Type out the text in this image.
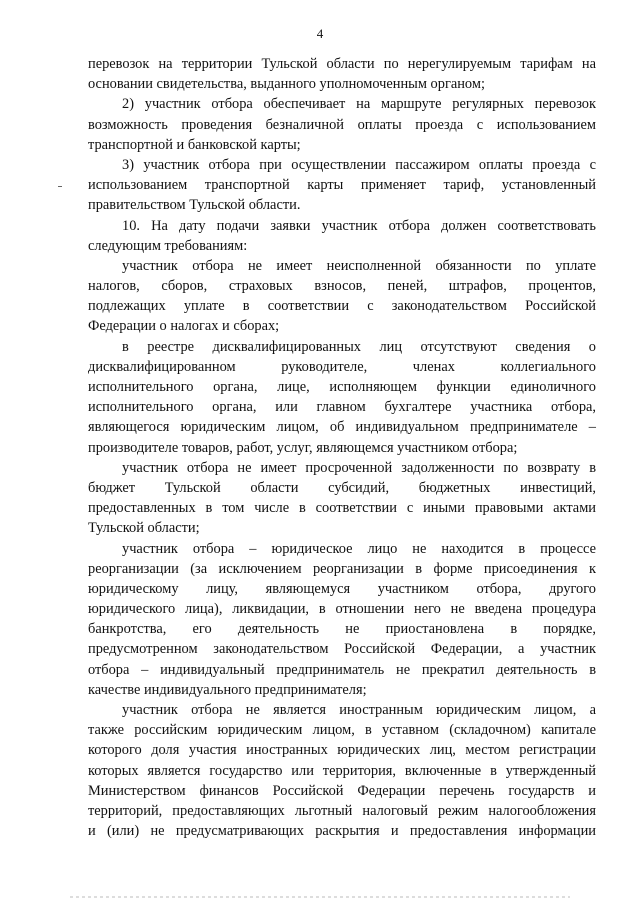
4
перевозок на территории Тульской области по нерегулируемым тарифам на
основании свидетельства, выданного уполномоченным органом;
2) участник отбора обеспечивает на маршруте регулярных перевозок
возможность проведения безналичной оплаты проезда с использованием
транспортной и банковской карты;
3) участник отбора при осуществлении пассажиром оплаты проезда с
использованием транспортной карты применяет тариф, установленный
правительством Тульской области.
10. На дату подачи заявки участник отбора должен соответствовать
следующим требованиям:
участник отбора не имеет неисполненной обязанности по уплате
налогов, сборов, страховых взносов, пеней, штрафов, процентов,
подлежащих уплате в соответствии с законодательством Российской
Федерации о налогах и сборах;
в реестре дисквалифицированных лиц отсутствуют сведения о
дисквалифицированном руководителе, членах коллегиального
исполнительного органа, лице, исполняющем функции единоличного
исполнительного органа, или главном бухгалтере участника отбора,
являющегося юридическим лицом, об индивидуальном предпринимателе –
производителе товаров, работ, услуг, являющемся участником отбора;
участник отбора не имеет просроченной задолженности по возврату в
бюджет Тульской области субсидий, бюджетных инвестиций,
предоставленных в том числе в соответствии с иными правовыми актами
Тульской области;
участник отбора – юридическое лицо не находится в процессе
реорганизации (за исключением реорганизации в форме присоединения к
юридическому лицу, являющемуся участником отбора, другого
юридического лица), ликвидации, в отношении него не введена процедура
банкротства, его деятельность не приостановлена в порядке,
предусмотренном законодательством Российской Федерации, а участник
отбора – индивидуальный предприниматель не прекратил деятельность в
качестве индивидуального предпринимателя;
участник отбора не является иностранным юридическим лицом, а
также российским юридическим лицом, в уставном (складочном) капитале
которого доля участия иностранных юридических лиц, местом регистрации
которых является государство или территория, включенные в утвержденный
Министерством финансов Российской Федерации перечень государств и
территорий, предоставляющих льготный налоговый режим налогообложения
и (или) не предусматривающих раскрытия и предоставления информации
